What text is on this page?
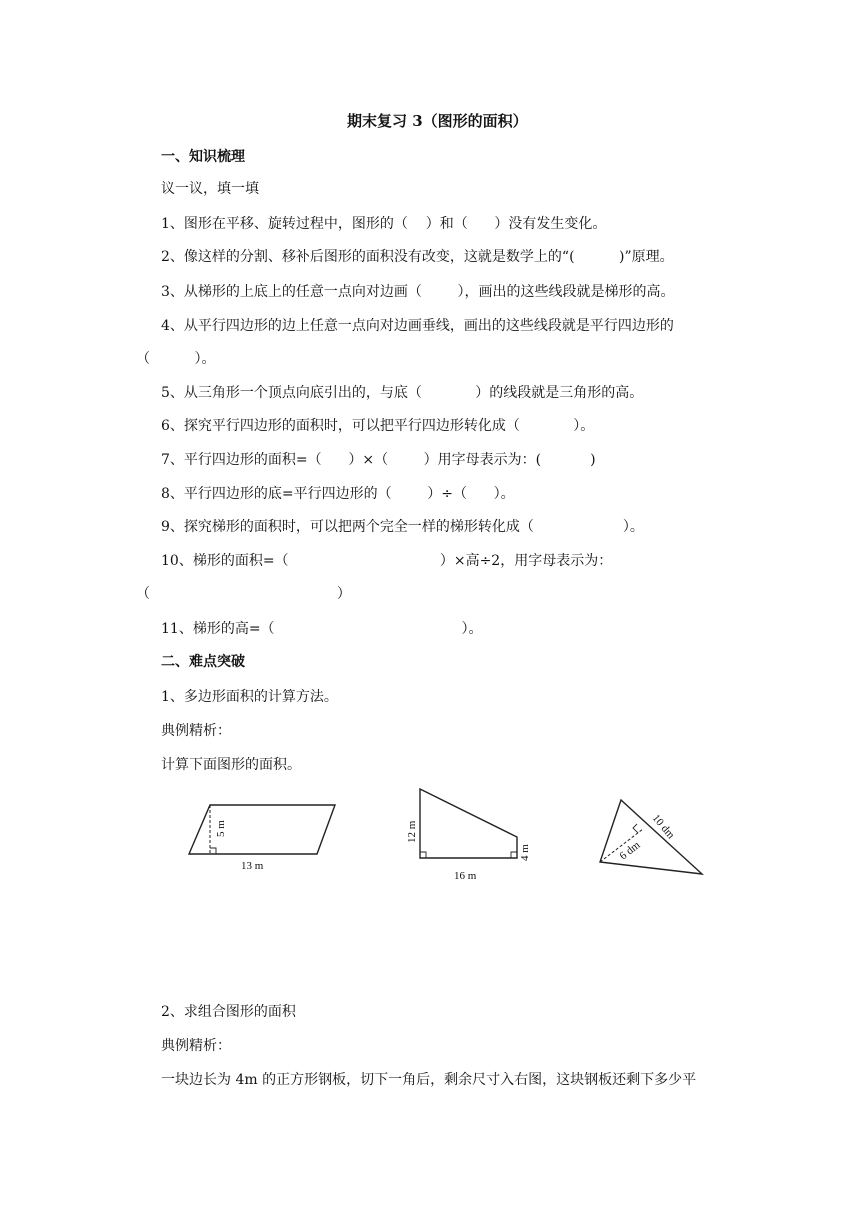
期末复习 3（图形的面积）
一、知识梳理
议一议，填一填
1、图形在平移、旋转过程中，图形的（    ）和（      ）没有发生变化。
2、像这样的分割、移补后图形的面积没有改变，这就是数学上的“(          )”原理。
3、从梯形的上底上的任意一点向对边画（        ），画出的这些线段就是梯形的高。
4、从平行四边形的边上任意一点向对边画垂线，画出的这些线段就是平行四边形的
（          ）。
5、从三角形一个顶点向底引出的，与底（            ）的线段就是三角形的高。
6、探究平行四边形的面积时，可以把平行四边形转化成（            ）。
7、平行四边形的面积=（      ）×（        ）用字母表示为：(           )
8、平行四边形的底=平行四边形的（        ）÷（      ）。
9、探究梯形的面积时，可以把两个完全一样的梯形转化成（                    ）。
10、梯形的面积=（                                  ）×高÷2，用字母表示为：
（                                          ）
11、梯形的高=（                                          ）。
二、难点突破
1、多边形面积的计算方法。
典例精析：
计算下面图形的面积。
5 m
13 m
12 m
4 m
16 m
10 dm
6 dm
2、求组合图形的面积
典例精析：
一块边长为 4m 的正方形钢板，切下一角后，剩余尺寸入右图，这块钢板还剩下多少平
